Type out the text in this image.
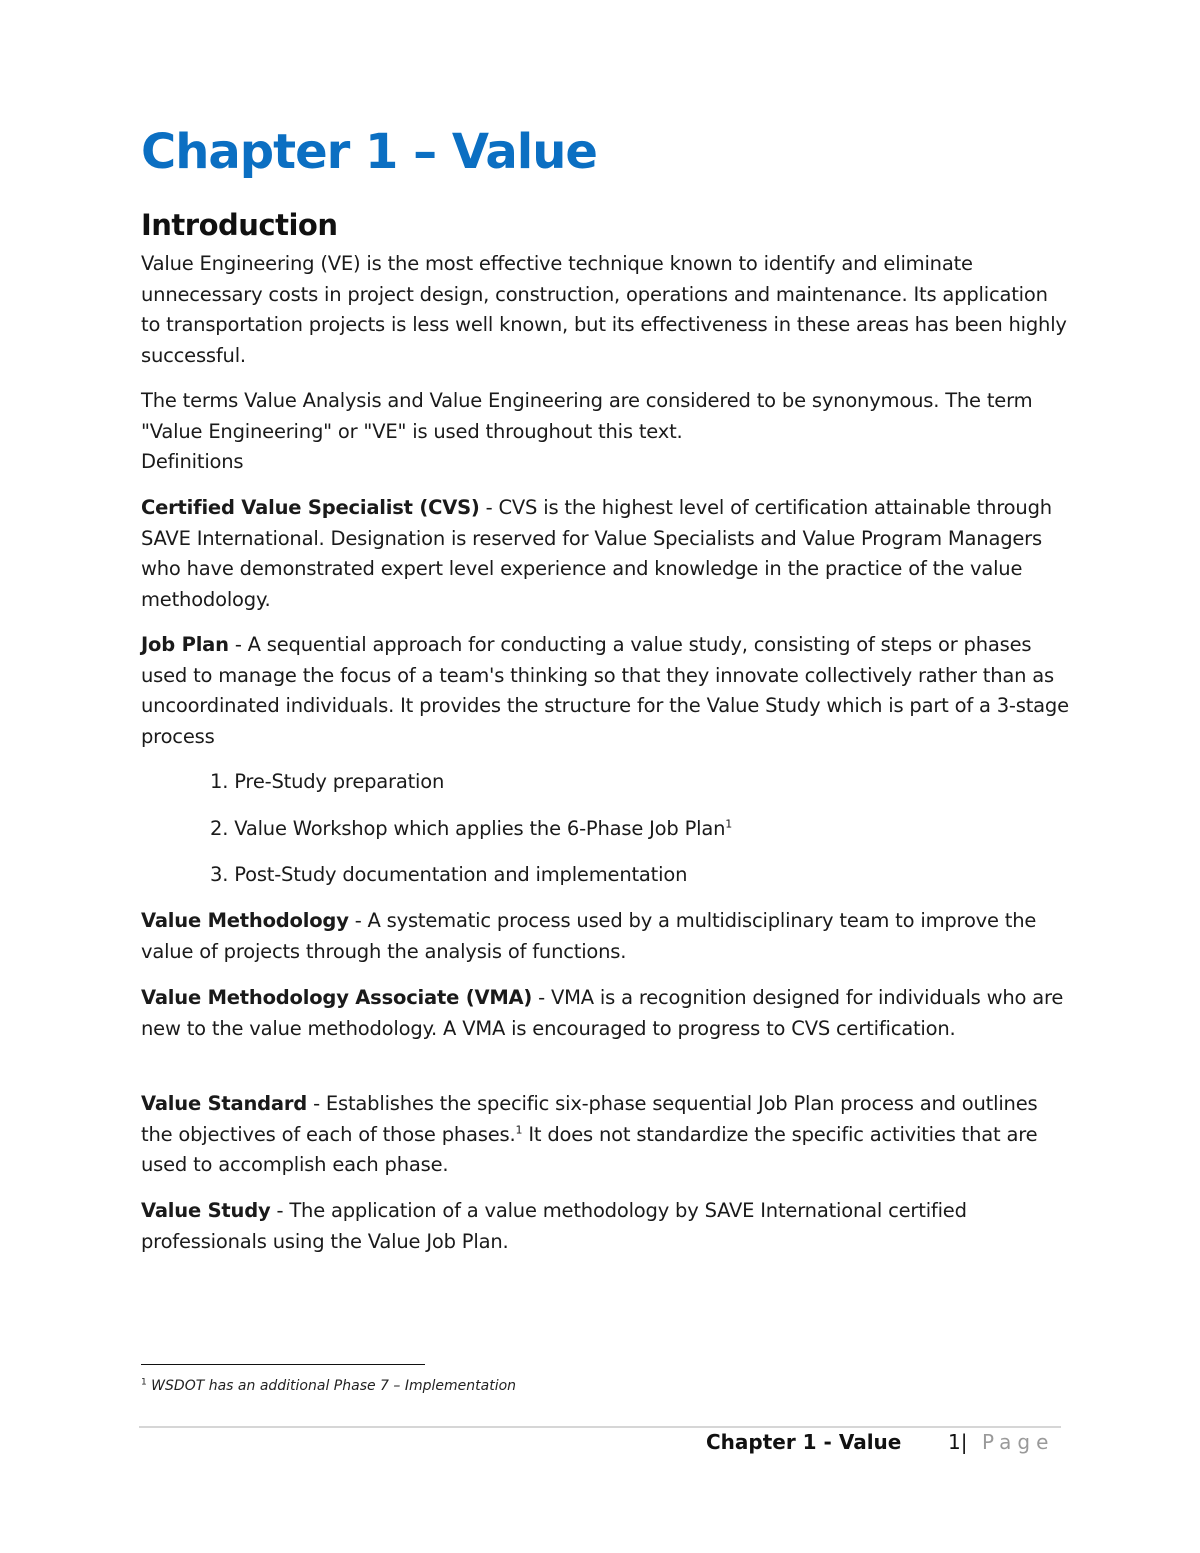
Chapter 1 – Value
Introduction

Value Engineering (VE) is the most effective technique known to identify and eliminate unnecessary costs in project design, construction, operations and maintenance. Its application to transportation projects is less well known, but its effectiveness in these areas has been highly successful.

The terms Value Analysis and Value Engineering are considered to be synonymous. The term "Value Engineering" or "VE" is used throughout this text.

Definitions

Certified Value Specialist (CVS) - CVS is the highest level of certification attainable through SAVE International. Designation is reserved for Value Specialists and Value Program Managers who have demonstrated expert level experience and knowledge in the practice of the value methodology.

Job Plan - A sequential approach for conducting a value study, consisting of steps or phases used to manage the focus of a team's thinking so that they innovate collectively rather than as uncoordinated individuals. It provides the structure for the Value Study which is part of a 3-stage process

1. Pre-Study preparation

2. Value Workshop which applies the 6-Phase Job Plan$^1$

3. Post-Study documentation and implementation

Value Methodology - A systematic process used by a multidisciplinary team to improve the value of projects through the analysis of functions.

Value Methodology Associate (VMA) - VMA is a recognition designed for individuals who are new to the value methodology. A VMA is encouraged to progress to CVS certification.

Value Standard - Establishes the specific six-phase sequential Job Plan process and outlines the objectives of each of those phases.$^1$ It does not standardize the specific activities that are used to accomplish each phase.

Value Study - The application of a value methodology by SAVE International certified professionals using the Value Job Plan.

$^1$ WSDOT has an additional Phase 7 – Implementation

Chapter 1 - Value 1| Page
